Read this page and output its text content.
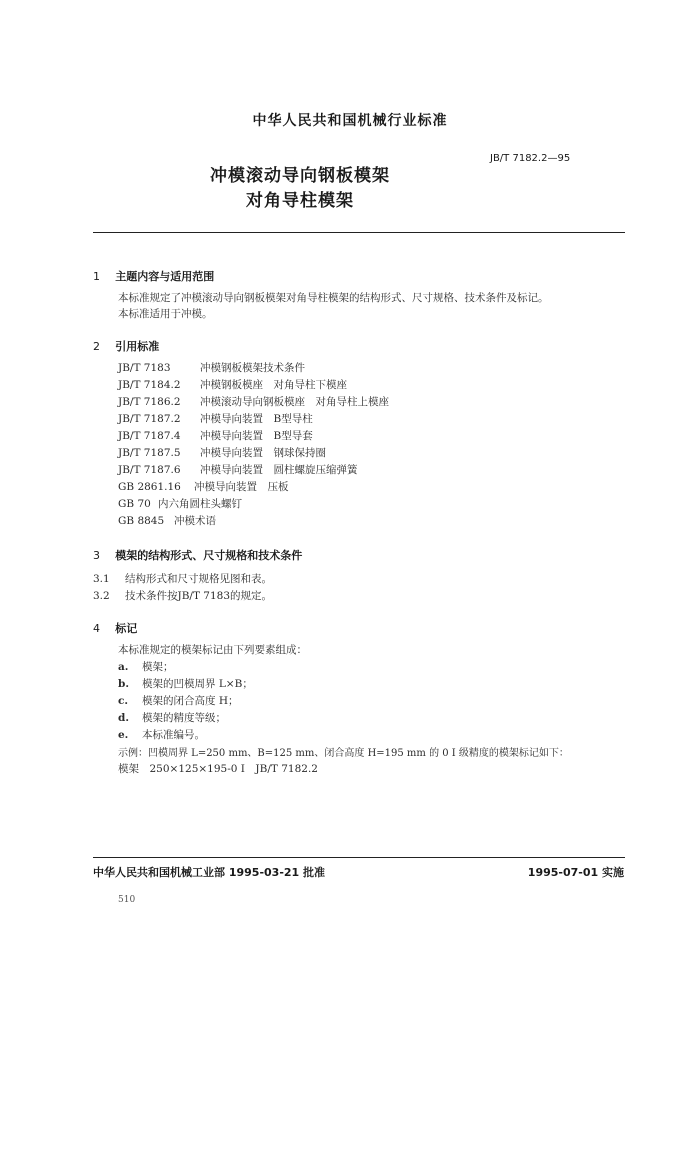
中华人民共和国机械行业标准
JB/T 7182.2—95
冲模滚动导向钢板模架
对角导柱模架
1 主题内容与适用范围
本标准规定了冲模滚动导向钢板模架对角导柱模架的结构形式、尺寸规格、技术条件及标记。
本标准适用于冲模。
2 引用标准
JB/T 7183	冲模钢板模架技术条件
JB/T 7184.2 冲模钢板模座　对角导柱下模座
JB/T 7186.2 冲模滚动导向钢板模座　对角导柱上模座
JB/T 7187.2 冲模导向装置　B型导柱
JB/T 7187.4 冲模导向装置　B型导套
JB/T 7187.5 冲模导向装置　钢球保持圈
JB/T 7187.6 冲模导向装置　圆柱螺旋压缩弹簧
GB 2861.16 冲模导向装置　压板
GB 70 内六角圆柱头螺钉
GB 8845 冲模术语
3 模架的结构形式、尺寸规格和技术条件
3.1 结构形式和尺寸规格见图和表。
3.2 技术条件按JB/T 7183的规定。
4 标记
本标准规定的模架标记由下列要素组成：
a. 模架；
b. 模架的凹模周界 L×B；
c. 模架的闭合高度 H；
d. 模架的精度等级；
e. 本标准编号。
示例：凹模周界 L=250 mm、B=125 mm、闭合高度 H=195 mm 的 0 Ⅰ 级精度的模架标记如下：
模架　250×125×195-0 Ⅰ　JB/T 7182.2
中华人民共和国机械工业部 1995-03-21 批准	1995-07-01 实施
510
